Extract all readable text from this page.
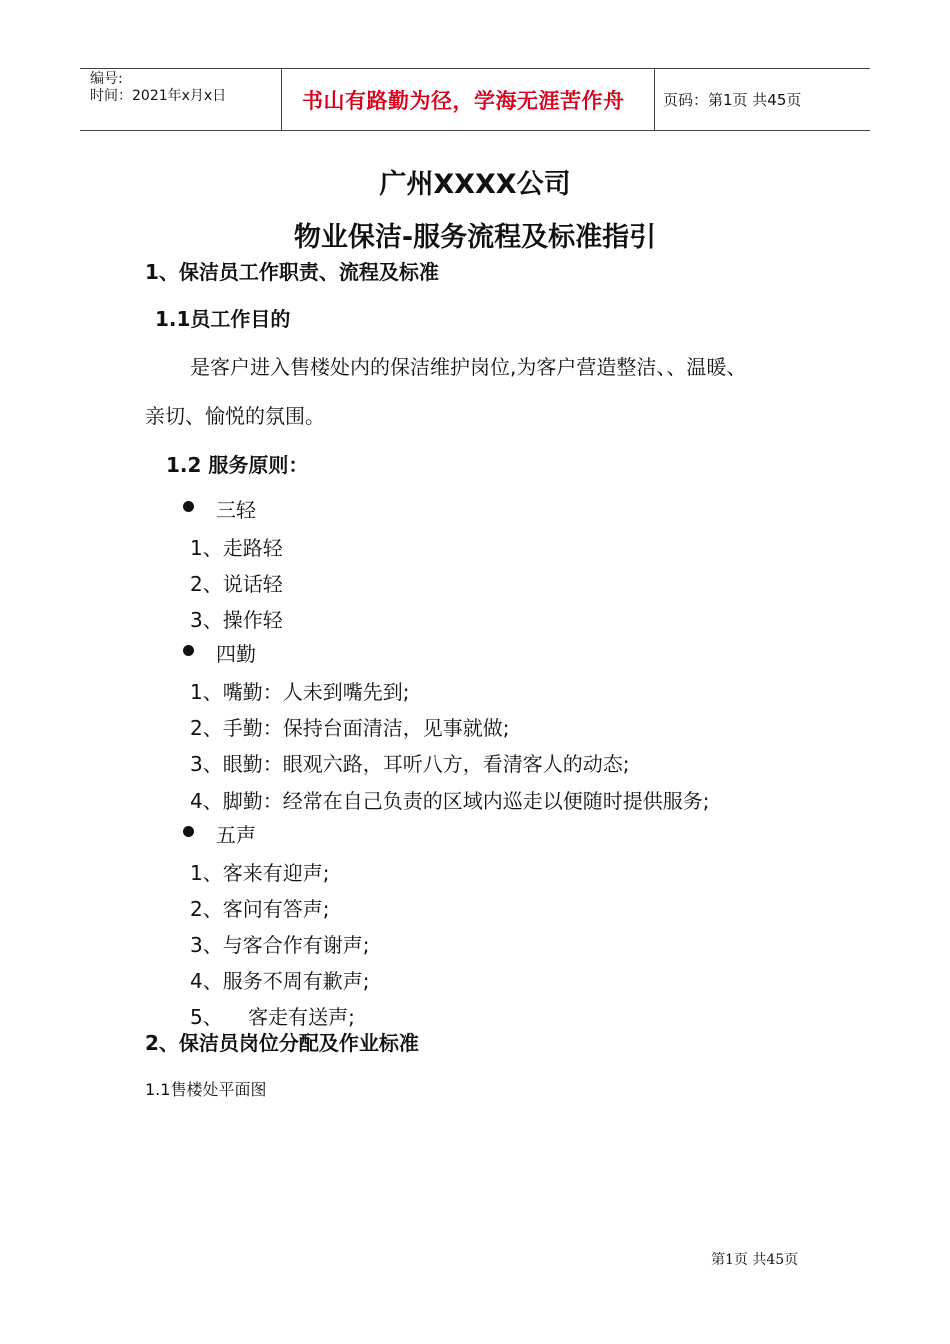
编号:
时间：2021年x月x日	书山有路勤为径，学海无涯苦作舟	页码：第1页 共45页
广州XXXX公司
物业保洁-服务流程及标准指引
1、保洁员工作职责、流程及标准
1.1员工作目的
是客户进入售楼处内的保洁维护岗位,为客户营造整洁、、温暖、
亲切、愉悦的氛围。
1.2 服务原则：
三轻
1、走路轻
2、说话轻
3、操作轻
四勤
1、嘴勤：人未到嘴先到;
2、手勤：保持台面清洁，见事就做;
3、眼勤：眼观六路，耳听八方，看清客人的动态;
4、脚勤：经常在自己负责的区域内巡走以便随时提供服务;
五声
1、客来有迎声;
2、客问有答声;
3、与客合作有谢声;
4、服务不周有歉声;
5、    客走有送声;
2、保洁员岗位分配及作业标准
1.1售楼处平面图
第1页 共45页
